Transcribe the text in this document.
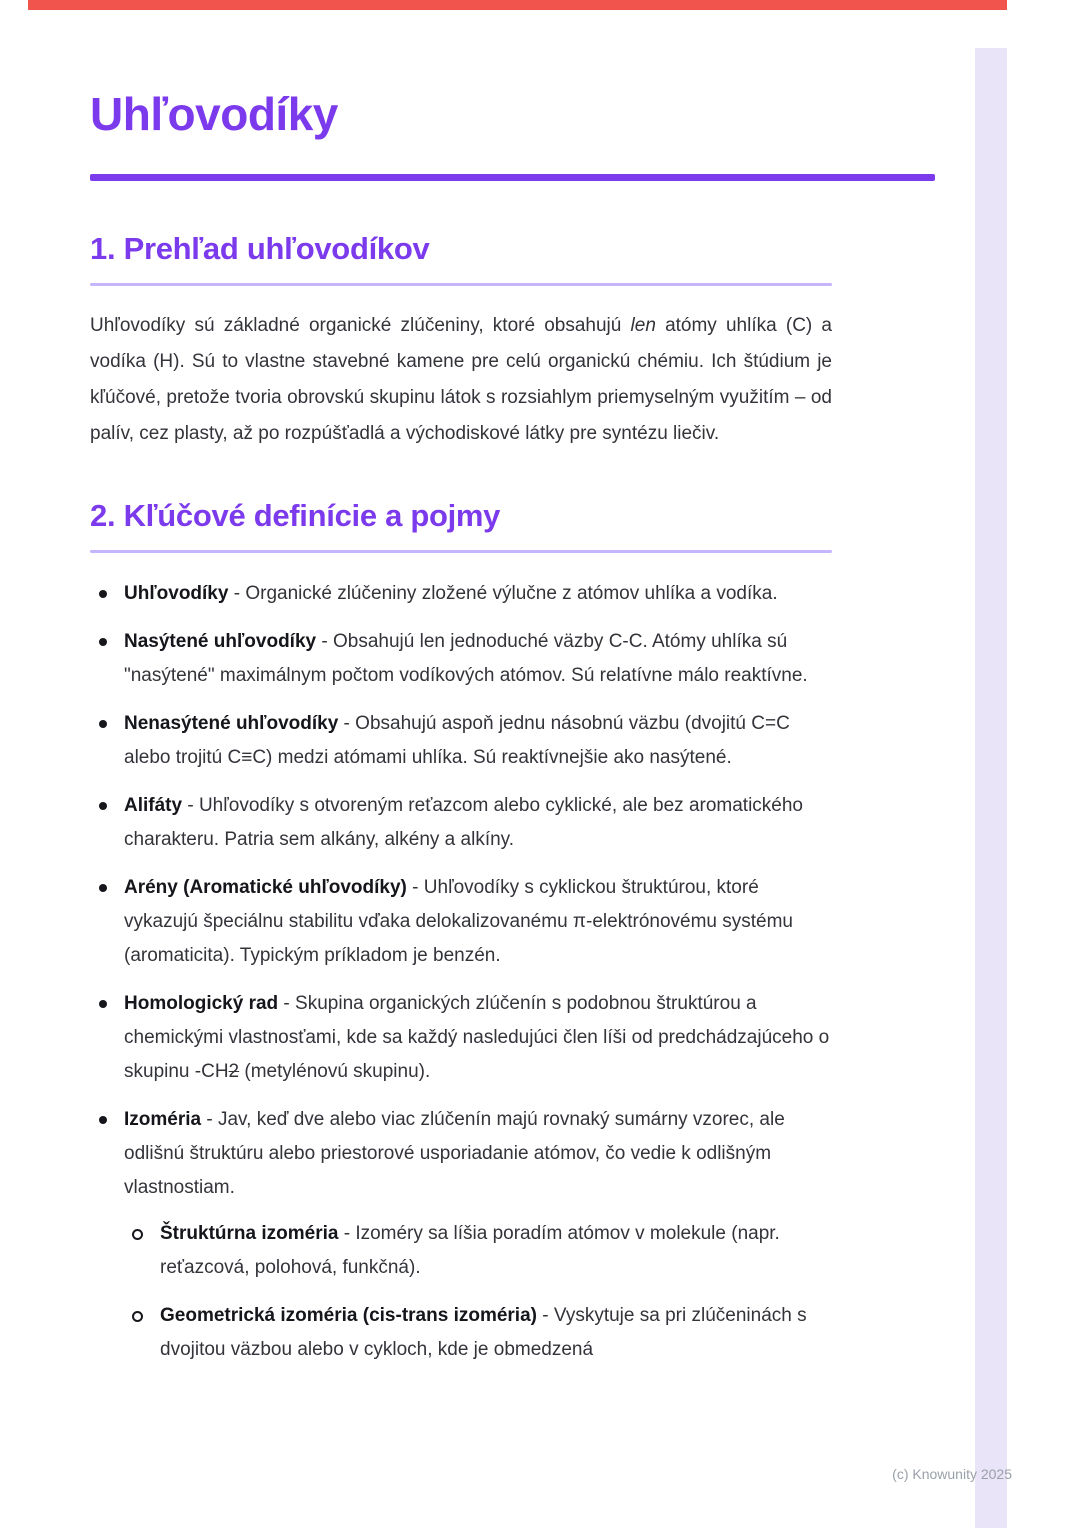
Uhľovodíky
1. Prehľad uhľovodíkov

Uhľovodíky sú základné organické zlúčeniny, ktoré obsahujú len atómy uhlíka (C) a vodíka (H). Sú to vlastne stavebné kamene pre celú organickú chémiu. Ich štúdium je kľúčové, pretože tvoria obrovskú skupinu látok s rozsiahlym priemyselným využitím – od palív, cez plasty, až po rozpúšťadlá a východiskové látky pre syntézu liečiv.

2. Kľúčové definície a pojmy
Uhľovodíky - Organické zlúčeniny zložené výlučne z atómov uhlíka a vodíka.
Nasýtené uhľovodíky - Obsahujú len jednoduché väzby C-C. Atómy uhlíka sú "nasýtené" maximálnym počtom vodíkových atómov. Sú relatívne málo reaktívne.
Nenasýtené uhľovodíky - Obsahujú aspoň jednu násobnú väzbu (dvojitú C=C alebo trojitú C≡C) medzi atómami uhlíka. Sú reaktívnejšie ako nasýtené.
Alifáty - Uhľovodíky s otvoreným reťazcom alebo cyklické, ale bez aromatického charakteru. Patria sem alkány, alkény a alkíny.
Arény (Aromatické uhľovodíky) - Uhľovodíky s cyklickou štruktúrou, ktoré vykazujú špeciálnu stabilitu vďaka delokalizovanému π-elektrónovému systému (aromaticita). Typickým príkladom je benzén.
Homologický rad - Skupina organických zlúčenín s podobnou štruktúrou a chemickými vlastnosťami, kde sa každý nasledujúci člen líši od predchádzajúceho o skupinu -CH2 (metylénovú skupinu).
Izoméria - Jav, keď dve alebo viac zlúčenín majú rovnaký sumárny vzorec, ale odlišnú štruktúru alebo priestorové usporiadanie atómov, čo vedie k odlišným vlastnostiam.
Štruktúrna izoméria - Izoméry sa líšia poradím atómov v molekule (napr. reťazcová, polohová, funkčná).
Geometrická izoméria (cis-trans izoméria) - Vyskytuje sa pri zlúčeninách s dvojitou väzbou alebo v cykloch, kde je obmedzená
(c) Knowunity 2025
